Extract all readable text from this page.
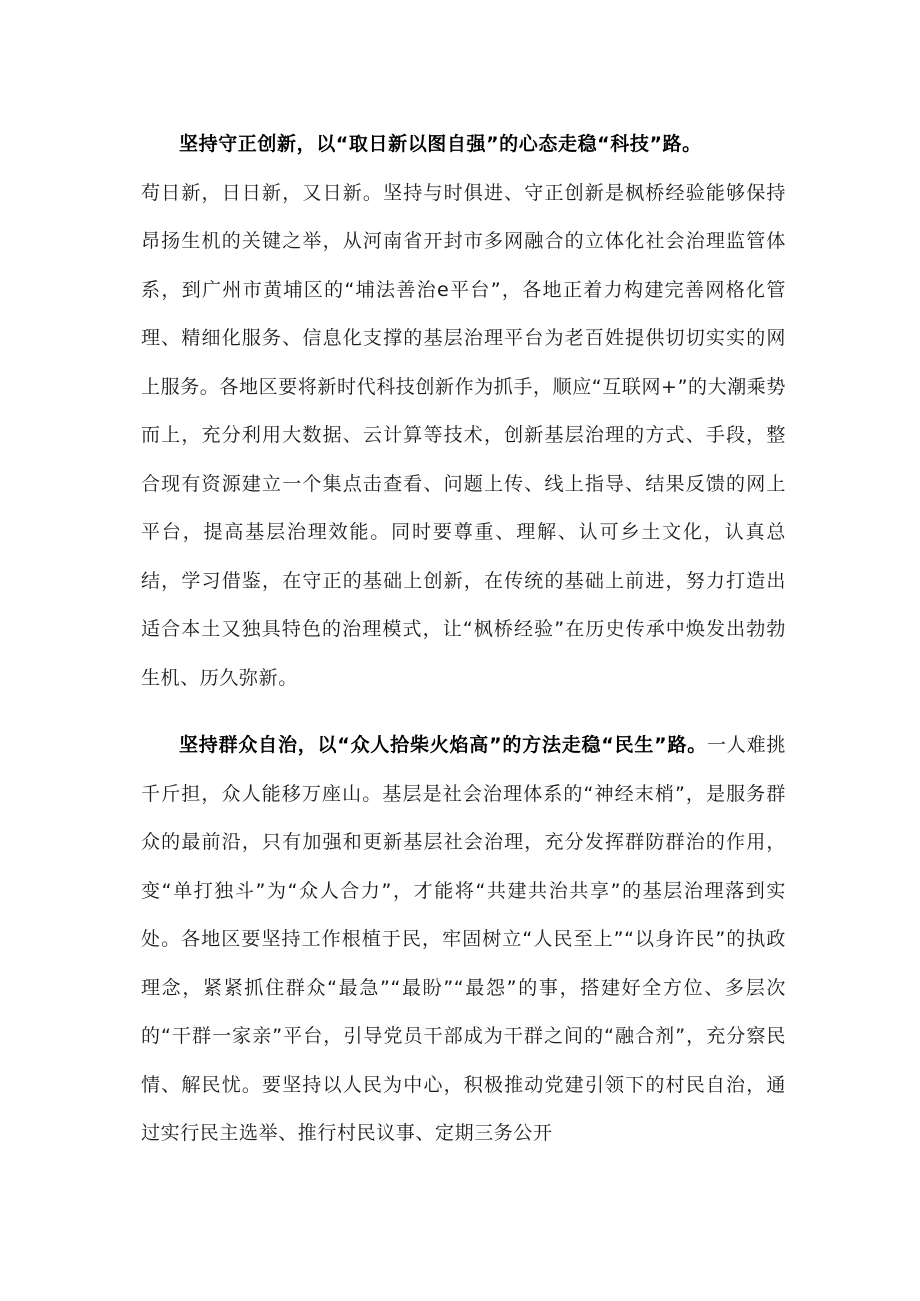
坚持守正创新，以“取日新以图自强”的心态走稳“科技”路。
苟日新，日日新，又日新。坚持与时俱进、守正创新是枫桥经验能够保持昂扬生机的关键之举，从河南省开封市多网融合的立体化社会治理监管体系，到广州市黄埔区的“埔法善治e平台”，各地正着力构建完善网格化管理、精细化服务、信息化支撑的基层治理平台为老百姓提供切切实实的网上服务。各地区要将新时代科技创新作为抓手，顺应“互联网+”的大潮乘势而上，充分利用大数据、云计算等技术，创新基层治理的方式、手段，整合现有资源建立一个集点击查看、问题上传、线上指导、结果反馈的网上平台，提高基层治理效能。同时要尊重、理解、认可乡土文化，认真总结，学习借鉴，在守正的基础上创新，在传统的基础上前进，努力打造出适合本土又独具特色的治理模式，让“枫桥经验”在历史传承中焕发出勃勃生机、历久弥新。

坚持群众自治，以“众人拾柴火焰高”的方法走稳“民生”路。一人难挑千斤担，众人能移万座山。基层是社会治理体系的“神经末梢”，是服务群众的最前沿，只有加强和更新基层社会治理，充分发挥群防群治的作用，变“单打独斗”为“众人合力”，才能将“共建共治共享”的基层治理落到实处。各地区要坚持工作根植于民，牢固树立“人民至上”“以身许民”的执政理念，紧紧抓住群众“最急”“最盼”“最怨”的事，搭建好全方位、多层次的“干群一家亲”平台，引导党员干部成为干群之间的“融合剂”，充分察民情、解民忧。要坚持以人民为中心，积极推动党建引领下的村民自治，通过实行民主选举、推行村民议事、定期三务公开
